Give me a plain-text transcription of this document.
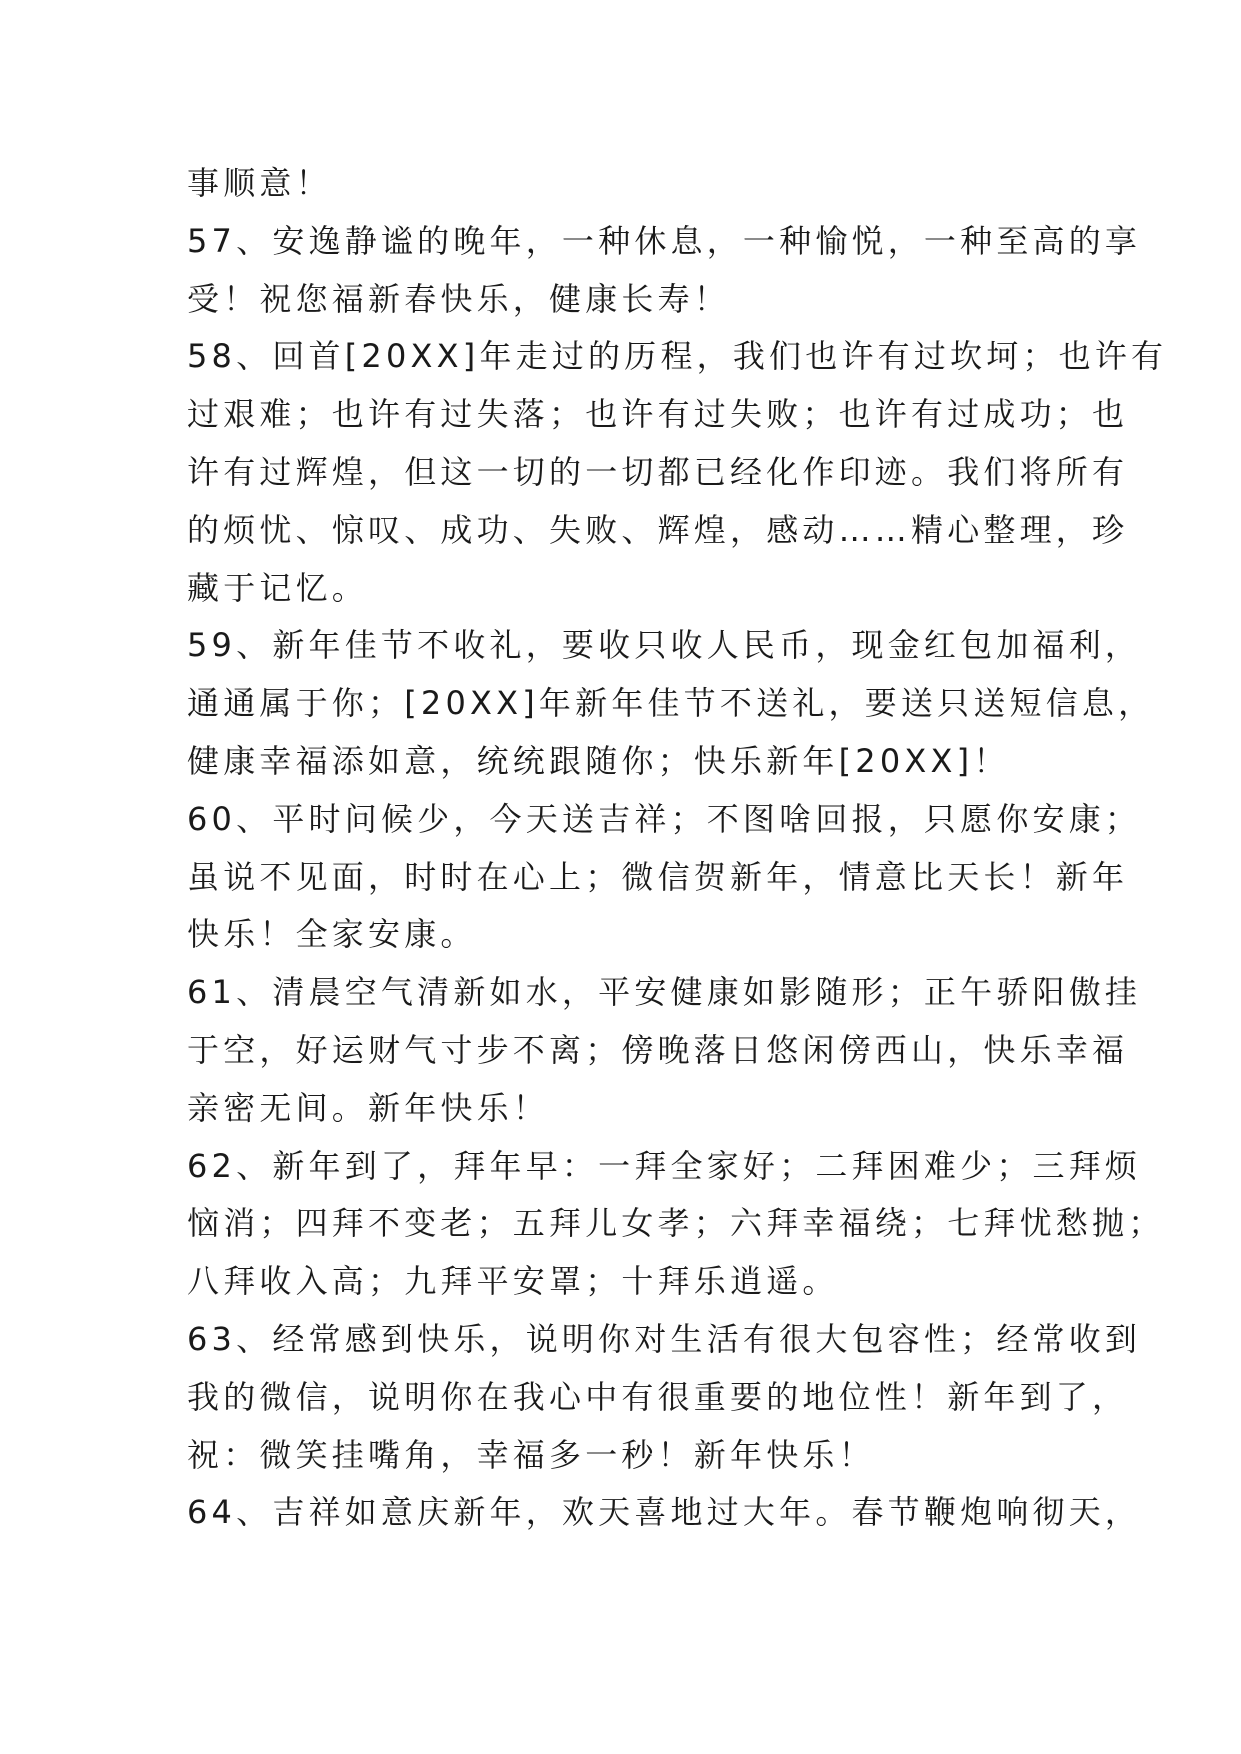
事顺意！
57、安逸静谧的晚年，一种休息，一种愉悦，一种至高的享
受！祝您福新春快乐，健康长寿！
58、回首[20XX]年走过的历程，我们也许有过坎坷；也许有
过艰难；也许有过失落；也许有过失败；也许有过成功；也
许有过辉煌，但这一切的一切都已经化作印迹。我们将所有
的烦忧、惊叹、成功、失败、辉煌，感动……精心整理，珍
藏于记忆。
59、新年佳节不收礼，要收只收人民币，现金红包加福利，
通通属于你；[20XX]年新年佳节不送礼，要送只送短信息，
健康幸福添如意，统统跟随你；快乐新年[20XX]！
60、平时问候少，今天送吉祥；不图啥回报，只愿你安康；
虽说不见面，时时在心上；微信贺新年，情意比天长！新年
快乐！全家安康。
61、清晨空气清新如水，平安健康如影随形；正午骄阳傲挂
于空，好运财气寸步不离；傍晚落日悠闲傍西山，快乐幸福
亲密无间。新年快乐！
62、新年到了，拜年早：一拜全家好；二拜困难少；三拜烦
恼消；四拜不变老；五拜儿女孝；六拜幸福绕；七拜忧愁抛；
八拜收入高；九拜平安罩；十拜乐逍遥。
63、经常感到快乐，说明你对生活有很大包容性；经常收到
我的微信，说明你在我心中有很重要的地位性！新年到了，
祝：微笑挂嘴角，幸福多一秒！新年快乐！
64、吉祥如意庆新年，欢天喜地过大年。春节鞭炮响彻天，
